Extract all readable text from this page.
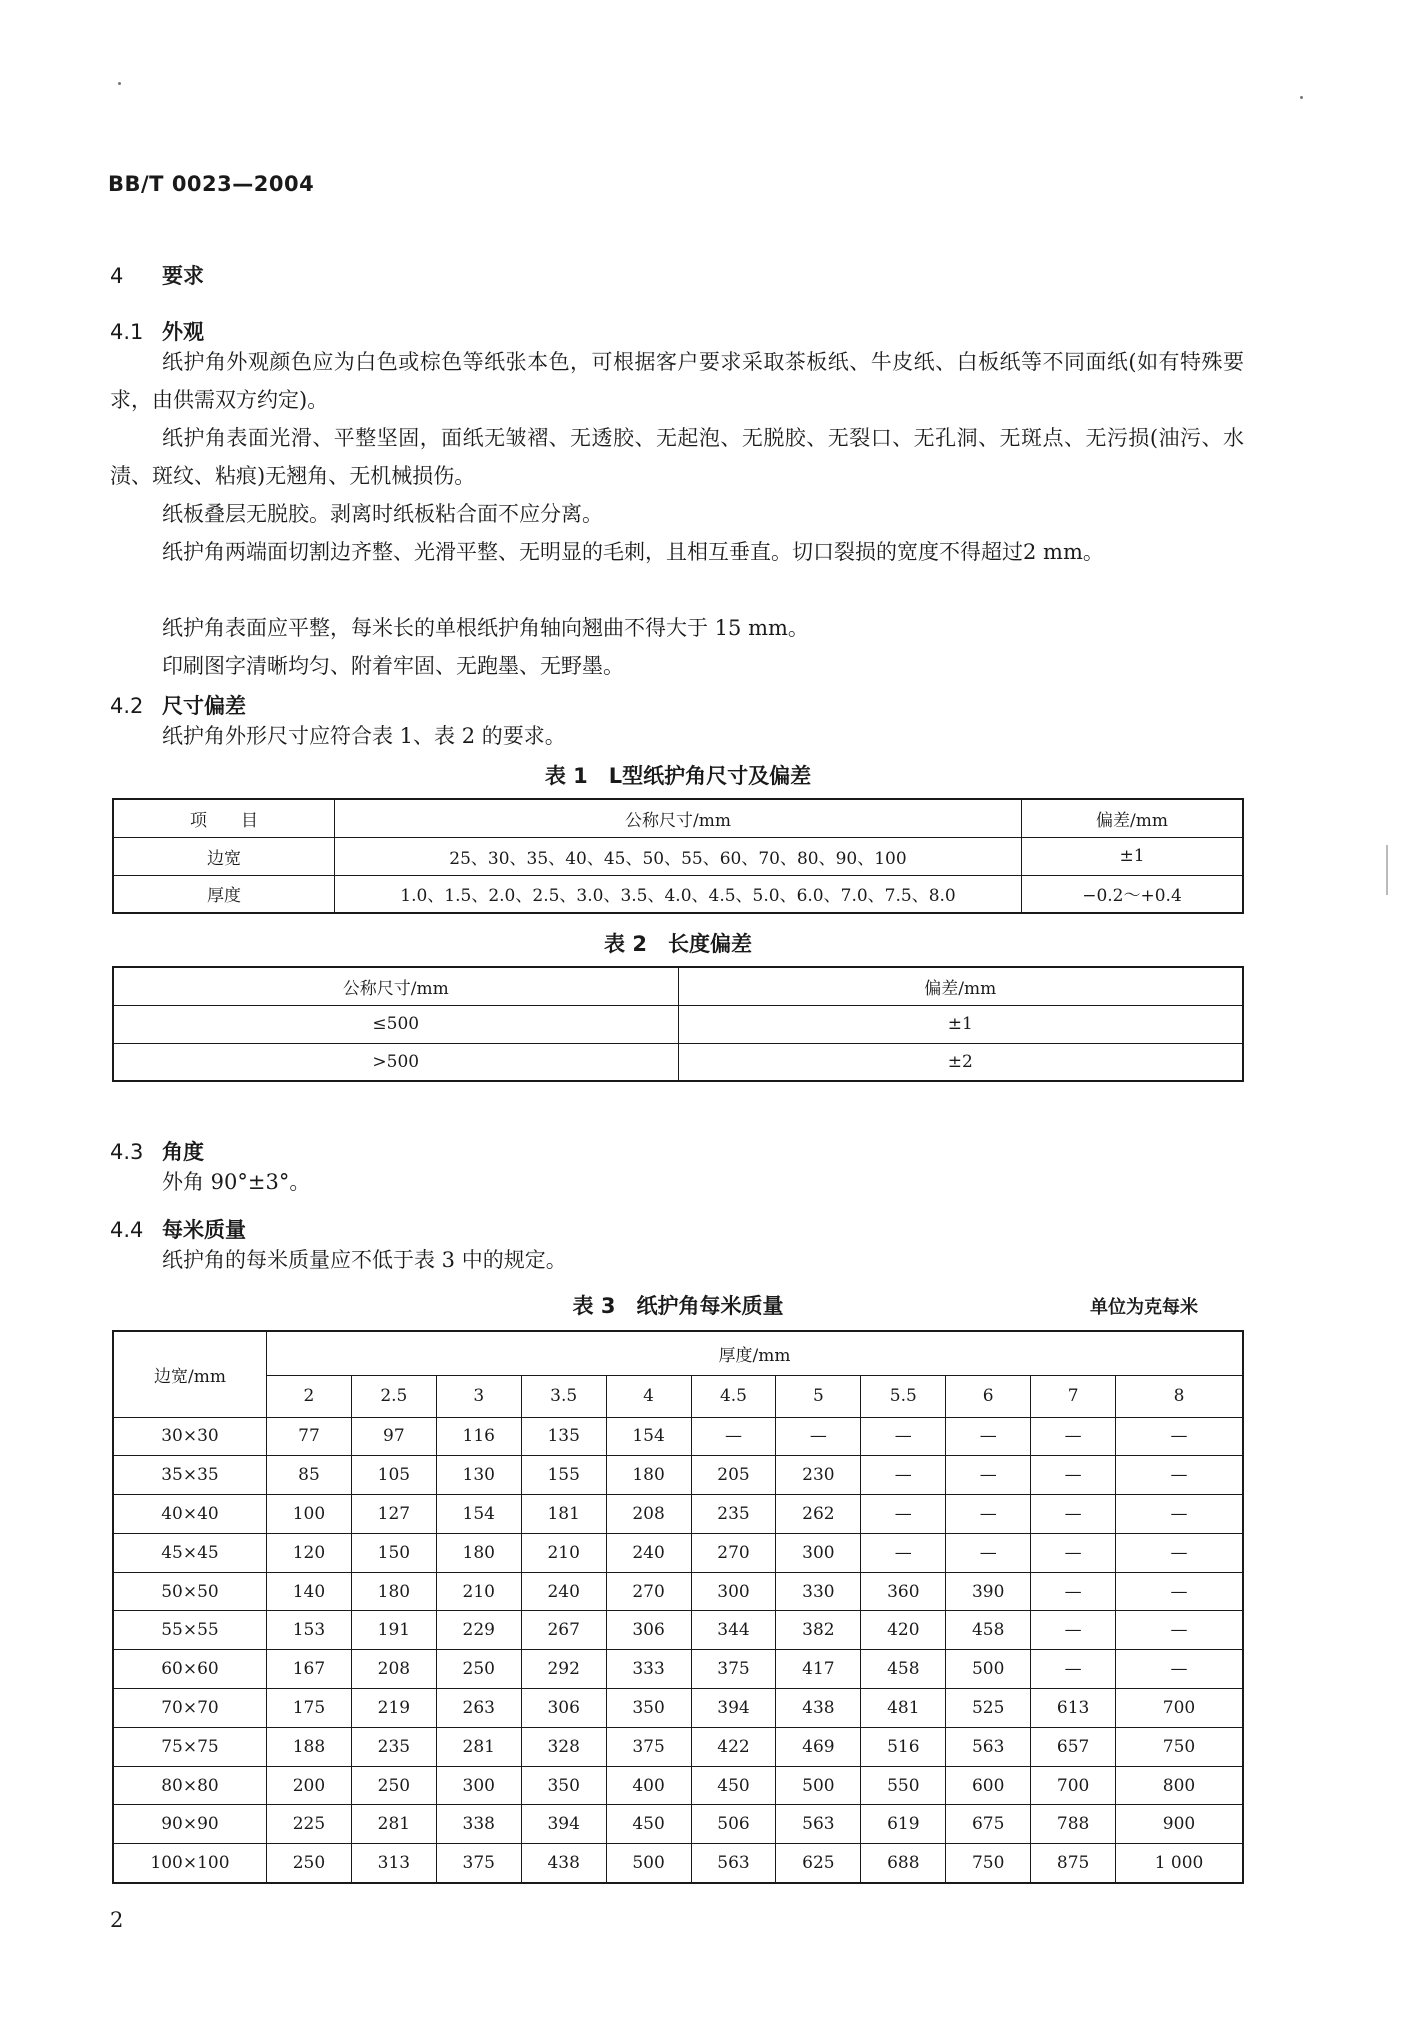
BB/T 0023—2004
4 要求
4.1 外观
纸护角外观颜色应为白色或棕色等纸张本色，可根据客户要求采取茶板纸、牛皮纸、白板纸等不同面纸(如有特殊要求，由供需双方约定)。
纸护角表面光滑、平整坚固，面纸无皱褶、无透胶、无起泡、无脱胶、无裂口、无孔洞、无斑点、无污损(油污、水渍、斑纹、粘痕)无翘角、无机械损伤。
纸板叠层无脱胶。剥离时纸板粘合面不应分离。
纸护角两端面切割边齐整、光滑平整、无明显的毛刺，且相互垂直。切口裂损的宽度不得超过2 mm。
纸护角表面应平整，每米长的单根纸护角轴向翘曲不得大于 15 mm。
印刷图字清晰均匀、附着牢固、无跑墨、无野墨。
4.2 尺寸偏差
纸护角外形尺寸应符合表 1、表 2 的要求。
表 1　L型纸护角尺寸及偏差
项　　目	公称尺寸/mm	偏差/mm
边宽	25、30、35、40、45、50、55、60、70、80、90、100	±1
厚度	1.0、1.5、2.0、2.5、3.0、3.5、4.0、4.5、5.0、6.0、7.0、7.5、8.0	−0.2～+0.4
表 2　长度偏差
公称尺寸/mm	偏差/mm
≤500	±1
>500	±2
4.3 角度
外角 90°±3°。
4.4 每米质量
纸护角的每米质量应不低于表 3 中的规定。
表 3　纸护角每米质量	单位为克每米
边宽/mm	厚度/mm										
	2	2.5	3	3.5	4	4.5	5	5.5	6	7	8
30×30	77	97	116	135	154	—	—	—	—	—	—
35×35	85	105	130	155	180	205	230	—	—	—	—
40×40	100	127	154	181	208	235	262	—	—	—	—
45×45	120	150	180	210	240	270	300	—	—	—	—
50×50	140	180	210	240	270	300	330	360	390	—	—
55×55	153	191	229	267	306	344	382	420	458	—	—
60×60	167	208	250	292	333	375	417	458	500	—	—
70×70	175	219	263	306	350	394	438	481	525	613	700
75×75	188	235	281	328	375	422	469	516	563	657	750
80×80	200	250	300	350	400	450	500	550	600	700	800
90×90	225	281	338	394	450	506	563	619	675	788	900
100×100	250	313	375	438	500	563	625	688	750	875	1 000
2
